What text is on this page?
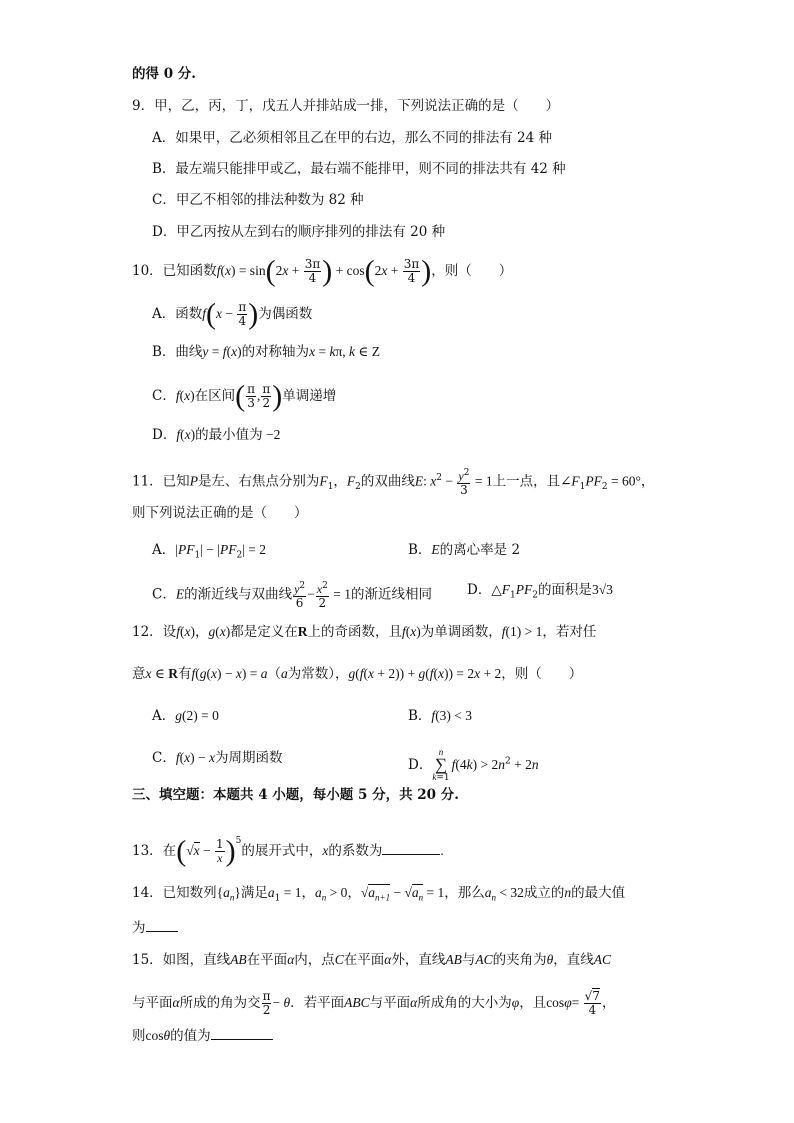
的得 0 分.
9．甲，乙，丙，丁，戊五人并排站成一排，下列说法正确的是（　　）
A．如果甲，乙必须相邻且乙在甲的右边，那么不同的排法有 24 种
B．最左端只能排甲或乙，最右端不能排甲，则不同的排法共有 42 种
C．甲乙不相邻的排法种数为 82 种
D．甲乙丙按从左到右的顺序排列的排法有 20 种
10．已知函数$f(x) = \sin(2x + \frac{3\pi}{4}$ ) + $\cos(2x + \frac{3\pi}{4}$ )，则（　　）
A．函数$f(x - \frac{\pi}{4}$ )为偶函数
B．曲线y = f(x)的对称轴为x = kπ, k ∈ Z
C．f(x)在区间( $\frac{\pi}{3}$ , $\frac{\pi}{2}$ )单调递增
D．f(x)的最小值为 −2
11．已知P是左、右焦点分别为$F_1$，$F_2$的双曲线E: $x^2 - \frac{y^2}{3} = 1$上一点，且$\angle F_1PF_2 = 60^\circ$，
则下列说法正确的是（　　）
A．$|PF_1| - |PF_2| = 2$	B．E的离心率是 2
C．E的渐近线与双曲线 $\frac{y^2}{6} - \frac{x^2}{2} = 1$的渐近线相同	D．$\triangle F_1PF_2$的面积是3√3
12．设f(x)，g(x)都是定义在R上的奇函数，且f(x)为单调函数，f(1) > 1，若对任
意x ∈ R有f(g(x) − x) = a（a为常数），g(f(x + 2)) + g(f(x)) = 2x + 2，则（　　）
A．g(2) = 0	B．f(3) < 3
C．f(x) − x为周期函数	D．
n
∑
k=1
$f(4k) > 2n^2 + 2n$
三、填空题：本题共 4 小题，每小题 5 分，共 20 分.
13．在$(√x - \frac{1}{x} )^5$的展开式中，x的系数为	.
14．已知数列$\{a_n\}$满足$a_1 = 1$，$a_n > 0$，$√a_{n+1} - √a_n = 1$，那么$a_n < 32$成立的n的最大值
为
15．如图，直线AB在平面α内，点C在平面α外，直线AB与AC的夹角为θ，直线AC
与平面α所成的角为交 $\frac{\pi}{2} - \theta$．若平面ABC与平面α所成角的大小为φ，且$\cos\varphi= \frac{√7}{4}$ ，
则cosθ的值为
